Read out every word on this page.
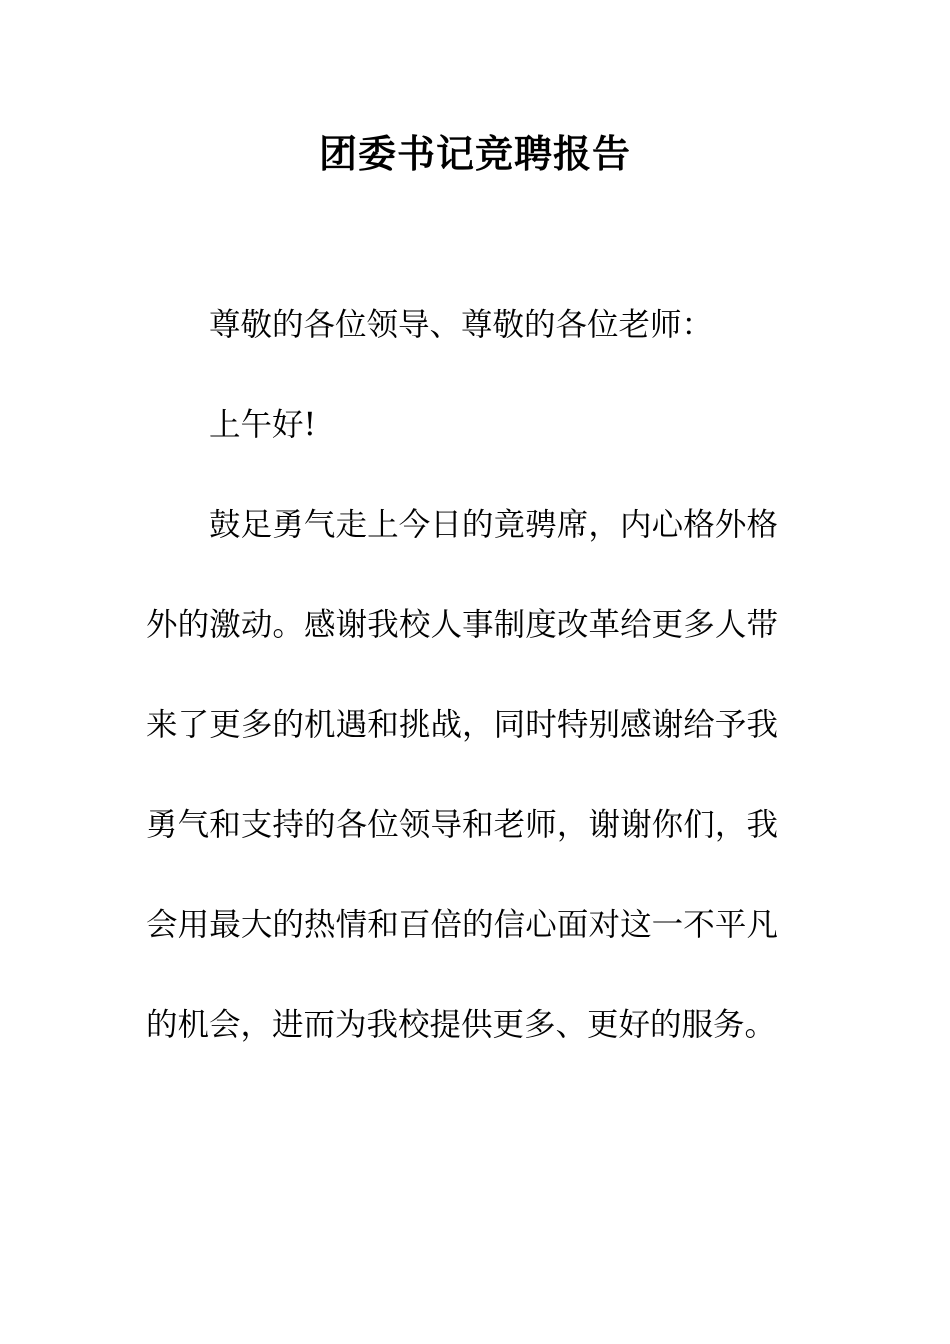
团委书记竞聘报告

尊敬的各位领导、尊敬的各位老师：

上午好!

鼓足勇气走上今日的竟骋席，内心格外格外的激动。感谢我校人事制度改革给更多人带来了更多的机遇和挑战，同时特别感谢给予我勇气和支持的各位领导和老师，谢谢你们，我会用最大的热情和百倍的信心面对这一不平凡的机会，进而为我校提供更多、更好的服务。
